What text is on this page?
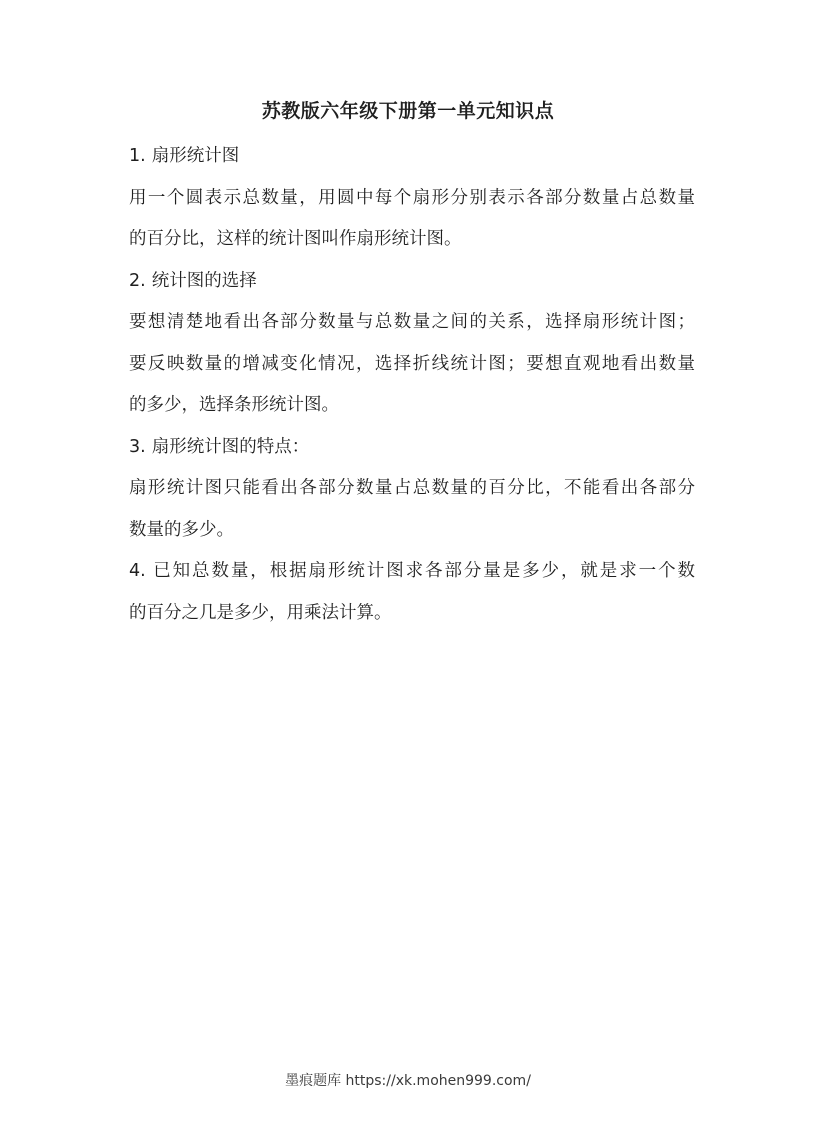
苏教版六年级下册第一单元知识点
1. 扇形统计图
用一个圆表示总数量，用圆中每个扇形分别表示各部分数量占总数量
的百分比，这样的统计图叫作扇形统计图。
2. 统计图的选择
要想清楚地看出各部分数量与总数量之间的关系，选择扇形统计图；
要反映数量的增减变化情况，选择折线统计图；要想直观地看出数量
的多少，选择条形统计图。
3. 扇形统计图的特点：
扇形统计图只能看出各部分数量占总数量的百分比，不能看出各部分
数量的多少。
4. 已知总数量，根据扇形统计图求各部分量是多少，就是求一个数
的百分之几是多少，用乘法计算。
墨痕题库 https://xk.mohen999.com/
